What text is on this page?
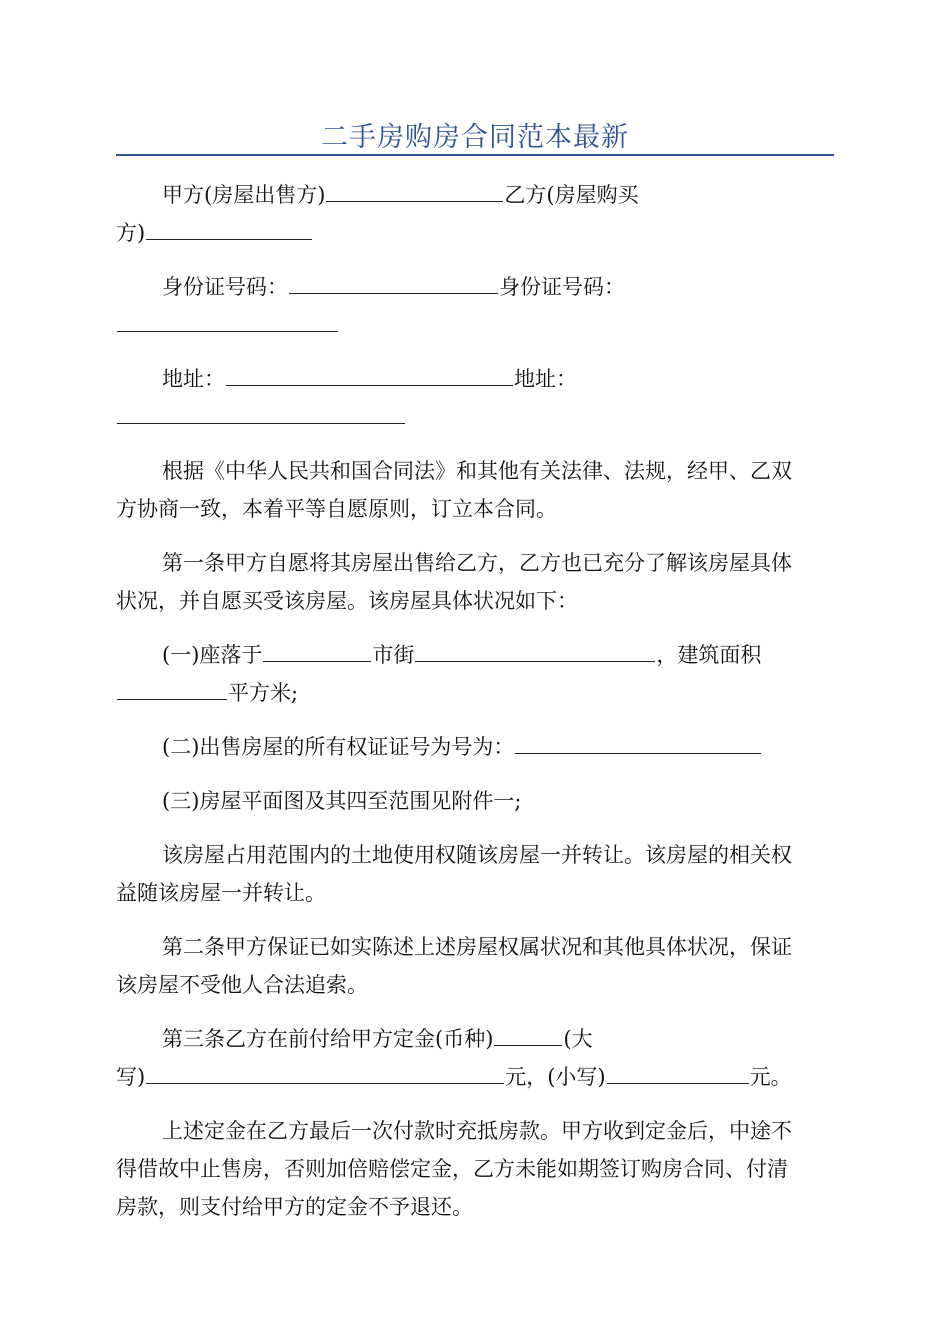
二手房购房合同范本最新
甲方(房屋出售方)	乙方(房屋购买
方)
身份证号码：	身份证号码：
地址：	地址：
根据《中华人民共和国合同法》和其他有关法律、法规，经甲、乙双
方协商一致，本着平等自愿原则，订立本合同。
第一条甲方自愿将其房屋出售给乙方，乙方也已充分了解该房屋具体
状况，并自愿买受该房屋。该房屋具体状况如下：
(一)座落于	市街	，建筑面积
平方米;
(二)出售房屋的所有权证证号为号为：
(三)房屋平面图及其四至范围见附件一;
该房屋占用范围内的土地使用权随该房屋一并转让。该房屋的相关权
益随该房屋一并转让。
第二条甲方保证已如实陈述上述房屋权属状况和其他具体状况，保证
该房屋不受他人合法追索。
第三条乙方在前付给甲方定金(币种)	(大
写)	元，(小写)	元。
上述定金在乙方最后一次付款时充抵房款。甲方收到定金后，中途不
得借故中止售房，否则加倍赔偿定金，乙方未能如期签订购房合同、付清
房款，则支付给甲方的定金不予退还。
